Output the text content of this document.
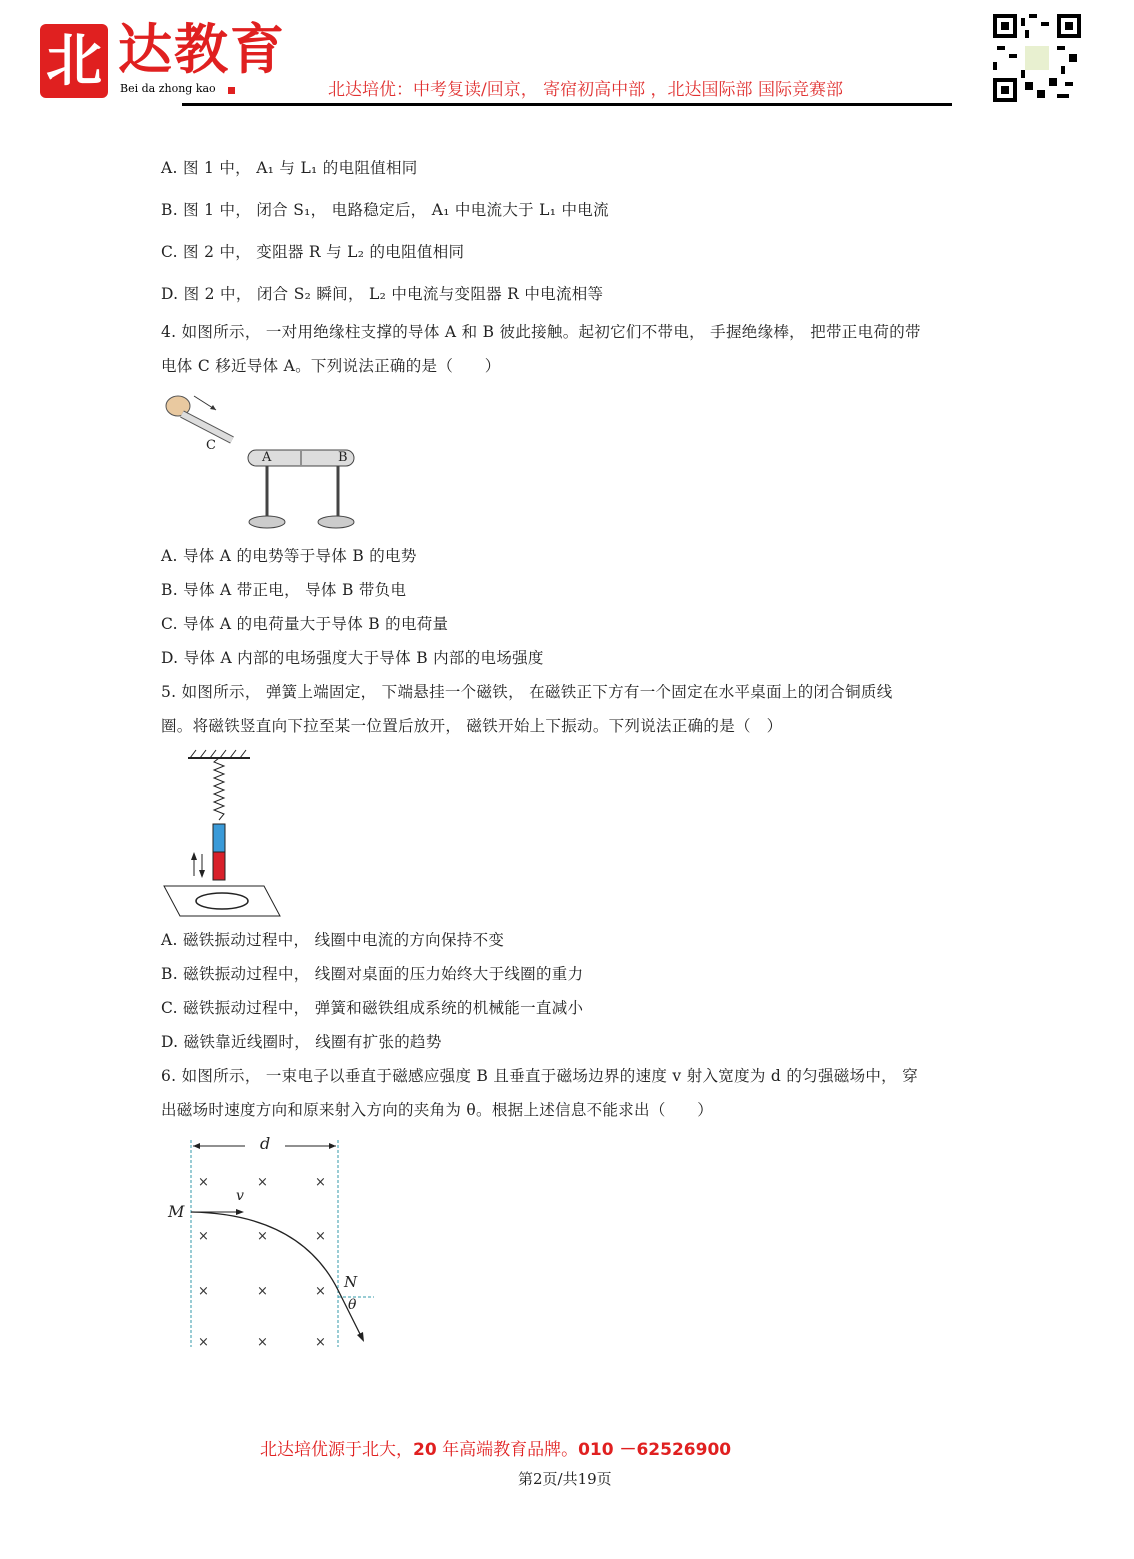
北 达教育
Bei da zhong kao	北达培优：中考复读/回京， 寄宿初高中部 ，北达国际部 国际竞赛部
A. 图 1 中， A₁ 与 L₁ 的电阻值相同
B. 图 1 中， 闭合 S₁， 电路稳定后， A₁ 中电流大于 L₁ 中电流
C. 图 2 中， 变阻器 R 与 L₂ 的电阻值相同
D. 图 2 中， 闭合 S₂ 瞬间， L₂ 中电流与变阻器 R 中电流相等
4. 如图所示， 一对用绝缘柱支撑的导体 A 和 B 彼此接触。起初它们不带电， 手握绝缘棒， 把带正电荷的带
电体 C 移近导体 A。下列说法正确的是（　　）
C
A	B
A. 导体 A 的电势等于导体 B 的电势
B. 导体 A 带正电， 导体 B 带负电
C. 导体 A 的电荷量大于导体 B 的电荷量
D. 导体 A 内部的电场强度大于导体 B 内部的电场强度
5. 如图所示， 弹簧上端固定， 下端悬挂一个磁铁， 在磁铁正下方有一个固定在水平桌面上的闭合铜质线
圈。将磁铁竖直向下拉至某一位置后放开， 磁铁开始上下振动。下列说法正确的是（　）
A. 磁铁振动过程中， 线圈中电流的方向保持不变
B. 磁铁振动过程中， 线圈对桌面的压力始终大于线圈的重力
C. 磁铁振动过程中， 弹簧和磁铁组成系统的机械能一直减小
D. 磁铁靠近线圈时， 线圈有扩张的趋势
6. 如图所示， 一束电子以垂直于磁感应强度 B 且垂直于磁场边界的速度 v 射入宽度为 d 的匀强磁场中， 穿
出磁场时速度方向和原来射入方向的夹角为 θ。根据上述信息不能求出（　　）
×	×	×
×	×	×
×	×	×
×	×	×
d
v
M
N
θ
北达培优源于北大，20 年高端教育品牌。010 －62526900
第2页/共19页
